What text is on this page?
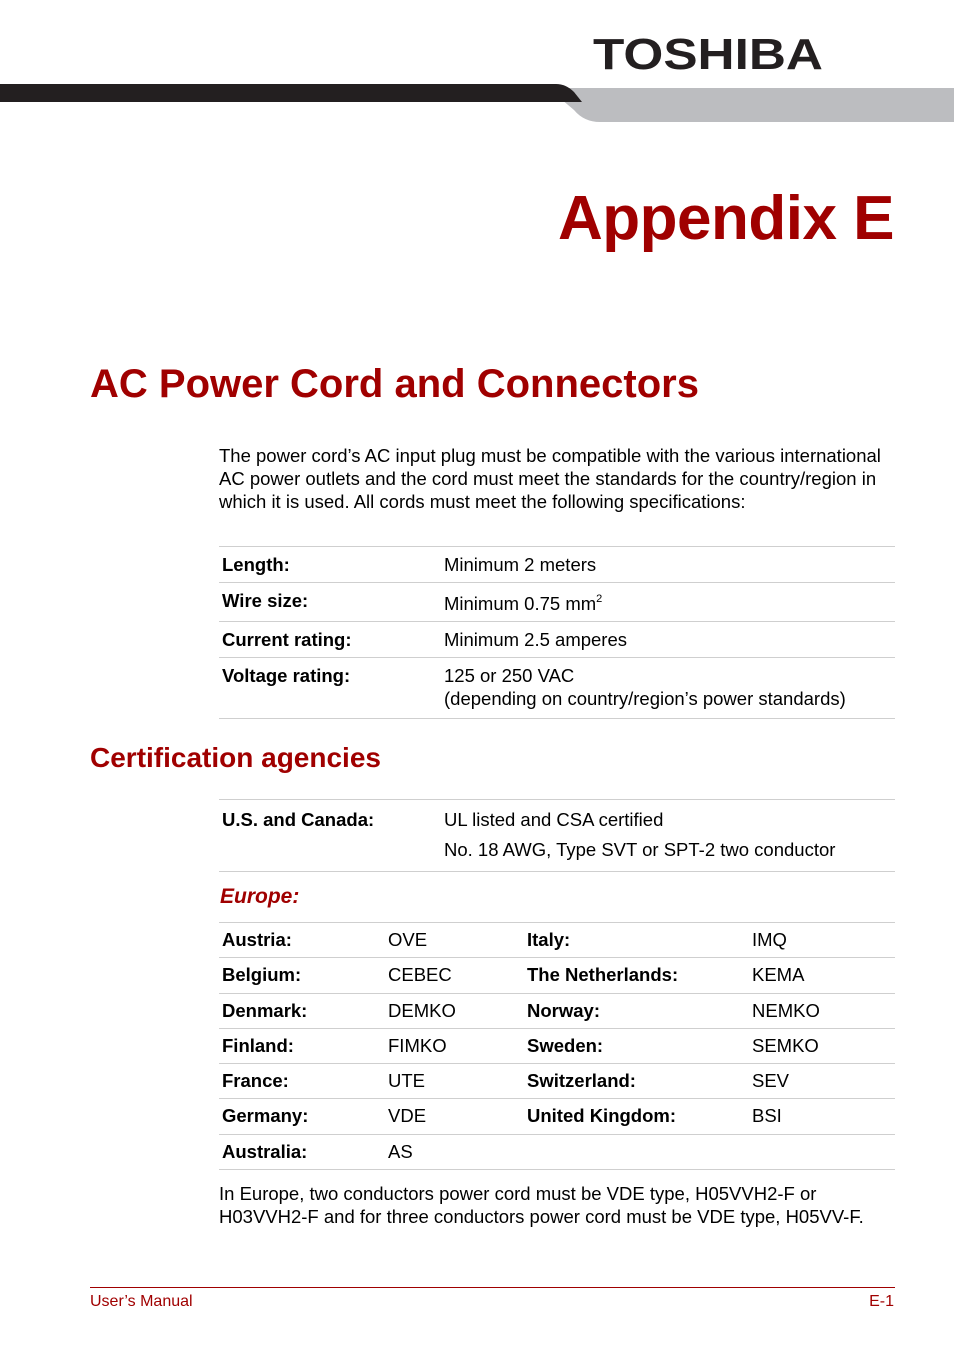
TOSHIBA
Appendix E
AC Power Cord and Connectors

The power cord’s AC input plug must be compatible with the various international AC power outlets and the cord must meet the standards for the country/region in which it is used. All cords must meet the following specifications:

Length:	Minimum 2 meters
Wire size:	Minimum 0.75 $mm^2$
Current rating:	Minimum 2.5 amperes
Voltage rating:	125 or 250 VAC
(depending on country/region’s power standards)
Certification agencies
U.S. and Canada:	UL listed and CSA certified
No. 18 AWG, Type SVT or SPT-2 two conductor
Europe:
Austria:	OVE	Italy:	IMQ
Belgium:	CEBEC	The Netherlands:	KEMA
Denmark:	DEMKO	Norway:	NEMKO
Finland:	FIMKO	Sweden:	SEMKO
France:	UTE	Switzerland:	SEV
Germany:	VDE	United Kingdom:	BSI
Australia:	AS		

In Europe, two conductors power cord must be VDE type, H05VVH2-F or H03VVH2-F and for three conductors power cord must be VDE type, H05VV-F.

User’s Manual	E-1
